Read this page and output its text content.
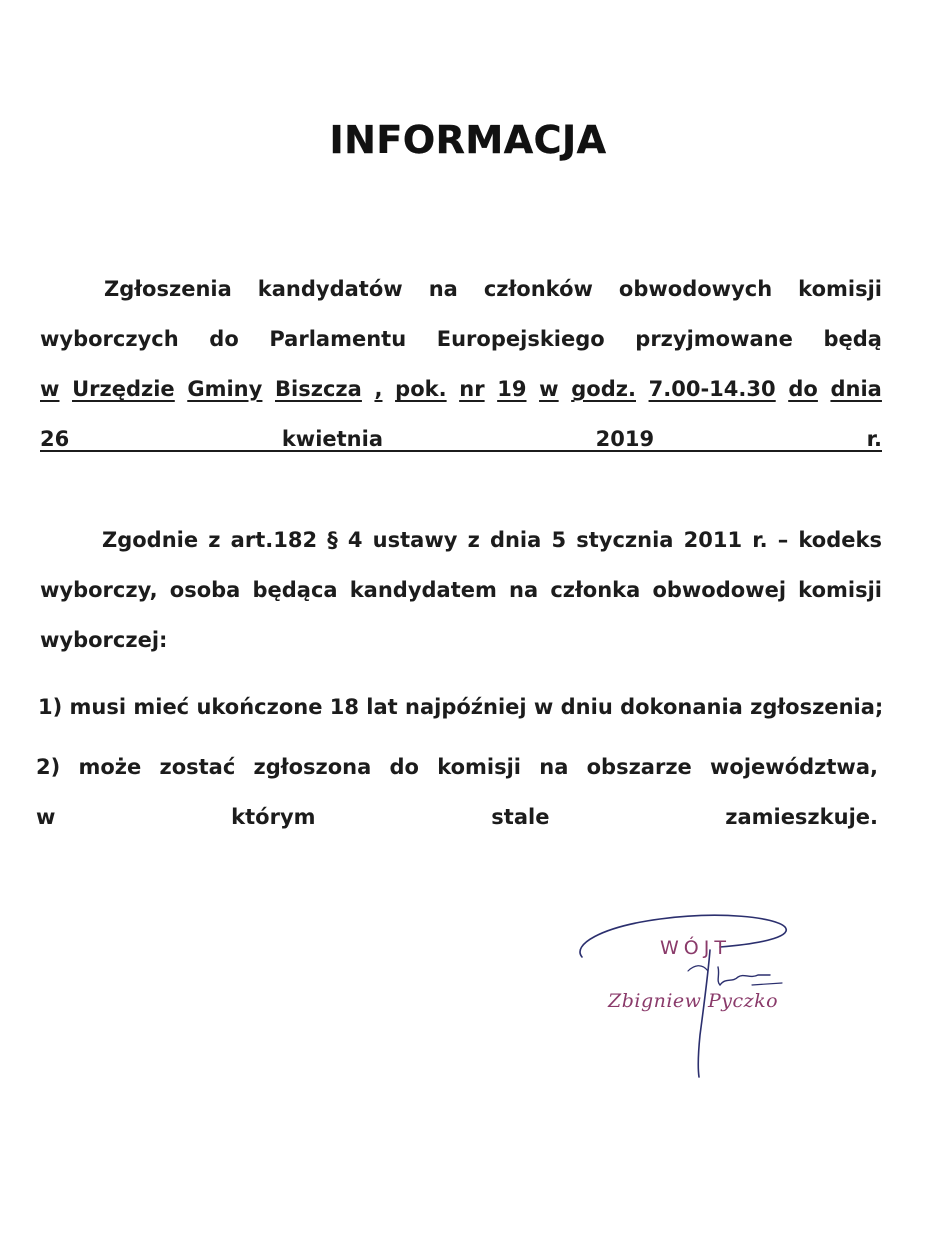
INFORMACJA
Zgłoszenia kandydatów na członków obwodowych komisji
wyborczych do Parlamentu Europejskiego przyjmowane będą
w Urzędzie Gminy Biszcza , pok. nr 19 w godz. 7.00-14.30 do dnia
26 kwietnia 2019 r.
Zgodnie z art.182 § 4 ustawy z dnia 5 stycznia 2011 r. – kodeks
wyborczy, osoba będąca kandydatem na członka obwodowej komisji
wyborczej:
1) musi mieć ukończone 18 lat najpóźniej w dniu dokonania zgłoszenia;
2) może zostać zgłoszona do komisji na obszarze województwa,
w którym stale zamieszkuje.
WÓJT
Zbigniew Pyczko
